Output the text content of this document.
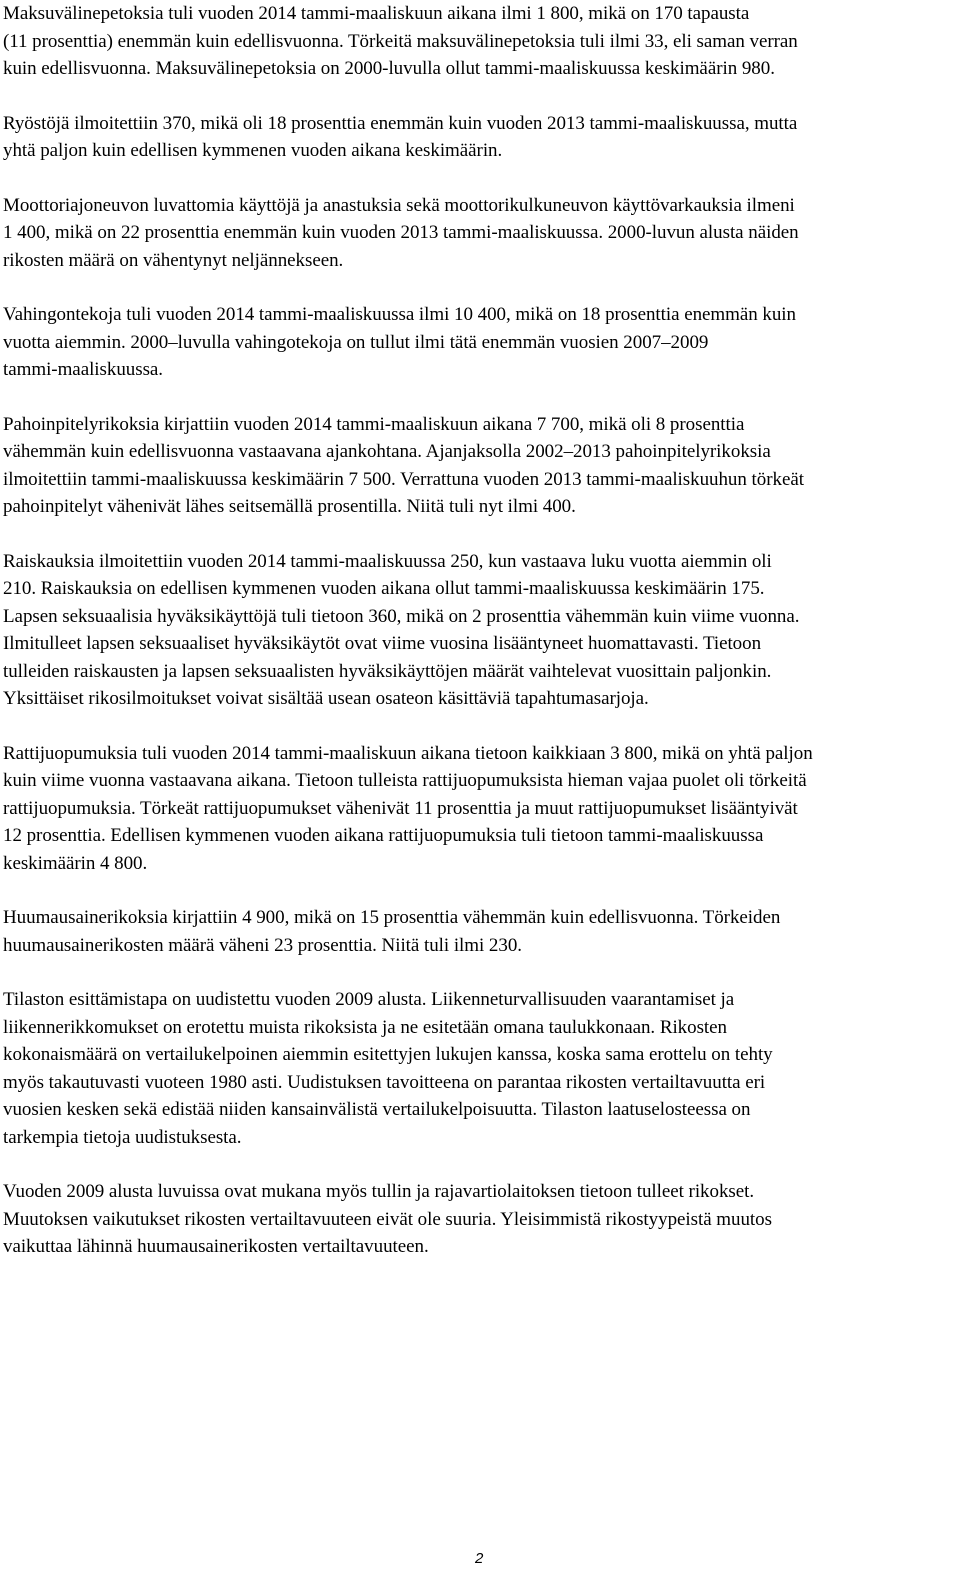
Maksuvälinepetoksia tuli vuoden 2014 tammi-maaliskuun aikana ilmi 1 800, mikä on 170 tapausta
(11 prosenttia) enemmän kuin edellisvuonna. Törkeitä maksuvälinepetoksia tuli ilmi 33, eli saman verran
kuin edellisvuonna. Maksuvälinepetoksia on 2000-luvulla ollut tammi-maaliskuussa keskimäärin 980.

Ryöstöjä ilmoitettiin 370, mikä oli 18 prosenttia enemmän kuin vuoden 2013 tammi-maaliskuussa, mutta
yhtä paljon kuin edellisen kymmenen vuoden aikana keskimäärin.

Moottoriajoneuvon luvattomia käyttöjä ja anastuksia sekä moottorikulkuneuvon käyttövarkauksia ilmeni
1 400, mikä on 22 prosenttia enemmän kuin vuoden 2013 tammi-maaliskuussa. 2000-luvun alusta näiden
rikosten määrä on vähentynyt neljännekseen.

Vahingontekoja tuli vuoden 2014 tammi-maaliskuussa ilmi 10 400, mikä on 18 prosenttia enemmän kuin
vuotta aiemmin. 2000–luvulla vahingotekoja on tullut ilmi tätä enemmän vuosien 2007–2009
tammi-maaliskuussa.

Pahoinpitelyrikoksia kirjattiin vuoden 2014 tammi-maaliskuun aikana 7 700, mikä oli 8 prosenttia
vähemmän kuin edellisvuonna vastaavana ajankohtana. Ajanjaksolla 2002–2013 pahoinpitelyrikoksia
ilmoitettiin tammi-maaliskuussa keskimäärin 7 500. Verrattuna vuoden 2013 tammi-maaliskuuhun törkeät
pahoinpitelyt vähenivät lähes seitsemällä prosentilla. Niitä tuli nyt ilmi 400.

Raiskauksia ilmoitettiin vuoden 2014 tammi-maaliskuussa 250, kun vastaava luku vuotta aiemmin oli
210. Raiskauksia on edellisen kymmenen vuoden aikana ollut tammi-maaliskuussa keskimäärin 175.
Lapsen seksuaalisia hyväksikäyttöjä tuli tietoon 360, mikä on 2 prosenttia vähemmän kuin viime vuonna.
Ilmitulleet lapsen seksuaaliset hyväksikäytöt ovat viime vuosina lisääntyneet huomattavasti. Tietoon
tulleiden raiskausten ja lapsen seksuaalisten hyväksikäyttöjen määrät vaihtelevat vuosittain paljonkin.
Yksittäiset rikosilmoitukset voivat sisältää usean osateon käsittäviä tapahtumasarjoja.

Rattijuopumuksia tuli vuoden 2014 tammi-maaliskuun aikana tietoon kaikkiaan 3 800, mikä on yhtä paljon
kuin viime vuonna vastaavana aikana. Tietoon tulleista rattijuopumuksista hieman vajaa puolet oli törkeitä
rattijuopumuksia. Törkeät rattijuopumukset vähenivät 11 prosenttia ja muut rattijuopumukset lisääntyivät
12 prosenttia. Edellisen kymmenen vuoden aikana rattijuopumuksia tuli tietoon tammi-maaliskuussa
keskimäärin 4 800.

Huumausainerikoksia kirjattiin 4 900, mikä on 15 prosenttia vähemmän kuin edellisvuonna. Törkeiden
huumausainerikosten määrä väheni 23 prosenttia. Niitä tuli ilmi 230.

Tilaston esittämistapa on uudistettu vuoden 2009 alusta. Liikenneturvallisuuden vaarantamiset ja
liikennerikkomukset on erotettu muista rikoksista ja ne esitetään omana taulukkonaan. Rikosten
kokonaismäärä on vertailukelpoinen aiemmin esitettyjen lukujen kanssa, koska sama erottelu on tehty
myös takautuvasti vuoteen 1980 asti. Uudistuksen tavoitteena on parantaa rikosten vertailtavuutta eri
vuosien kesken sekä edistää niiden kansainvälistä vertailukelpoisuutta. Tilaston laatuselosteessa on
tarkempia tietoja uudistuksesta.

Vuoden 2009 alusta luvuissa ovat mukana myös tullin ja rajavartiolaitoksen tietoon tulleet rikokset.
Muutoksen vaikutukset rikosten vertailtavuuteen eivät ole suuria. Yleisimmistä rikostyypeistä muutos
vaikuttaa lähinnä huumausainerikosten vertailtavuuteen.

2
